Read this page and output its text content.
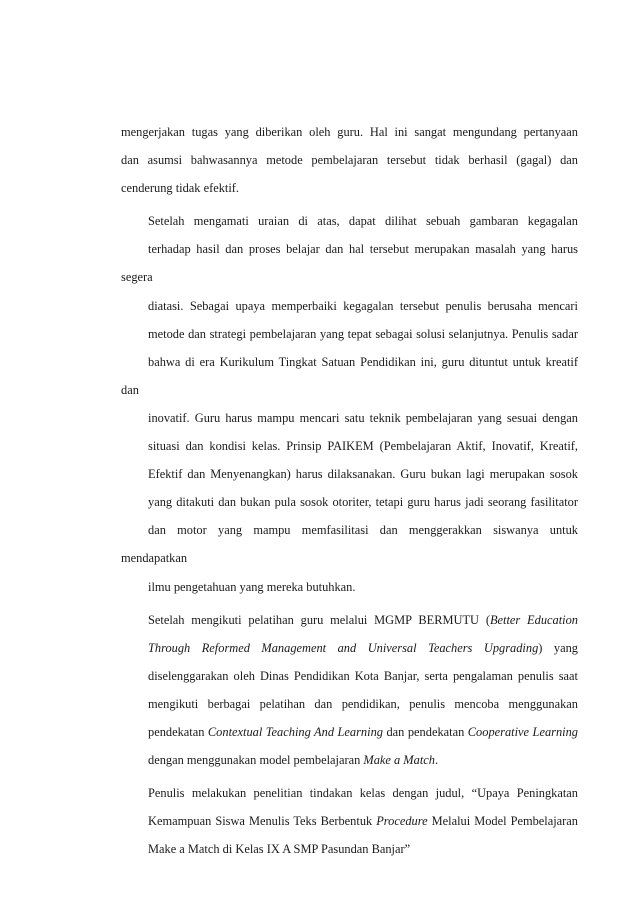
mengerjakan tugas yang diberikan oleh guru. Hal ini sangat mengundang pertanyaan
dan asumsi bahwasannya metode pembelajaran tersebut tidak berhasil (gagal) dan
cenderung tidak efektif.

Setelah mengamati uraian di atas, dapat dilihat sebuah gambaran kegagalan
terhadap hasil dan proses belajar dan hal tersebut merupakan masalah yang harus segera
diatasi. Sebagai upaya memperbaiki kegagalan tersebut penulis berusaha mencari
metode dan strategi pembelajaran yang tepat sebagai solusi selanjutnya. Penulis sadar
bahwa di era Kurikulum Tingkat Satuan Pendidikan ini, guru dituntut untuk kreatif dan
inovatif. Guru harus mampu mencari satu teknik pembelajaran yang sesuai dengan
situasi dan kondisi kelas. Prinsip PAIKEM (Pembelajaran Aktif, Inovatif, Kreatif,
Efektif dan Menyenangkan) harus dilaksanakan. Guru bukan lagi merupakan sosok
yang ditakuti dan bukan pula sosok otoriter, tetapi guru harus jadi seorang fasilitator
dan motor yang mampu memfasilitasi dan menggerakkan siswanya untuk mendapatkan
ilmu pengetahuan yang mereka butuhkan.

Setelah mengikuti pelatihan guru melalui MGMP BERMUTU (Better Education
Through Reformed Management and Universal Teachers Upgrading) yang
diselenggarakan oleh Dinas Pendidikan Kota Banjar, serta pengalaman penulis saat
mengikuti berbagai pelatihan dan pendidikan, penulis mencoba menggunakan
pendekatan Contextual Teaching And Learning dan pendekatan Cooperative Learning
dengan menggunakan model pembelajaran Make a Match.

Penulis melakukan penelitian tindakan kelas dengan judul, “Upaya Peningkatan
Kemampuan Siswa Menulis Teks Berbentuk Procedure Melalui Model Pembelajaran
Make a Match di Kelas IX A SMP Pasundan Banjar”
